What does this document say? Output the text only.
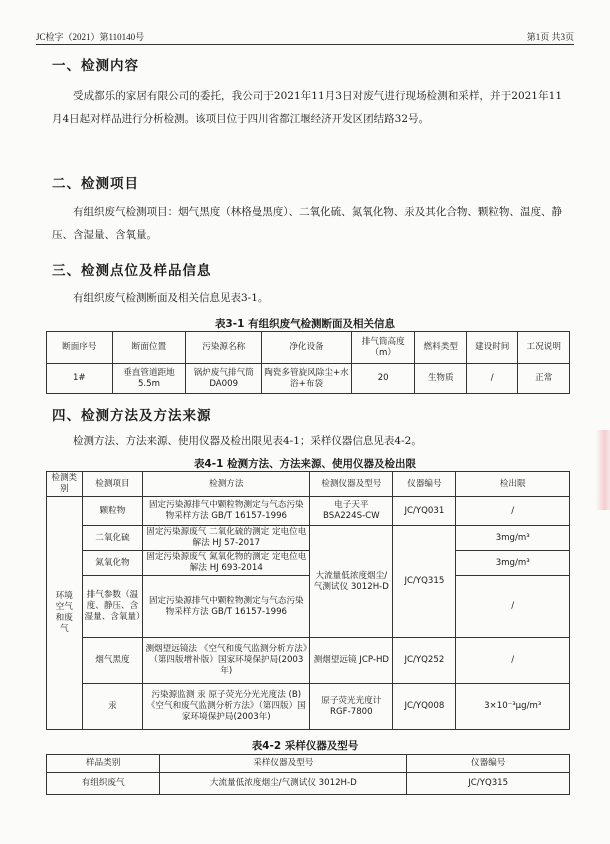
JC检字（2021）第110140号	第1页 共3页
一、检测内容

受成都乐的家居有限公司的委托，我公司于2021年11月3日对废气进行现场检测和采样，并于2021年11月4日起对样品进行分析检测。该项目位于四川省都江堰经济开发区团结路32号。

二、检测项目

有组织废气检测项目：烟气黑度（林格曼黑度）、二氧化硫、氮氧化物、汞及其化合物、颗粒物、温度、静压、含湿量、含氧量。

三、检测点位及样品信息

有组织废气检测断面及相关信息见表3-1。

表3-1 有组织废气检测断面及相关信息
断面序号	断面位置	污染源名称	净化设备	排气筒高度（m）	燃料类型	建设时间	工况说明
1#	垂直管道距地5.5m	锅炉废气排气筒DA009	陶瓷多管旋风除尘+水浴+布袋	20	生物质	/	正常
四、检测方法及方法来源

检测方法、方法来源、使用仪器及检出限见表4-1；采样仪器信息见表4-2。

表4-1 检测方法、方法来源、使用仪器及检出限
检测类别	检测项目	检测方法	检测仪器及型号	仪器编号	检出限
环境空气和废气	颗粒物	固定污染源排气中颗粒物测定与气态污染物采样方法 GB/T 16157-1996	电子天平 BSA224S-CW	JC/YQ031	/
	二氧化硫	固定污染源废气 二氧化硫的测定 定电位电解法 HJ 57-2017	大流量低浓度烟尘/气测试仪 3012H-D	JC/YQ315	3mg/m³
	氮氧化物	固定污染源废气 氮氧化物的测定 定电位电解法 HJ 693-2014			3mg/m³
	排气参数（温度、静压、含湿量、含氧量）	固定污染源排气中颗粒物测定与气态污染物采样方法 GB/T 16157-1996			/
	烟气黑度	测烟望远镜法 《空气和废气监测分析方法》（第四版增补版）国家环境保护局(2003年)	测烟望远镜 JCP-HD	JC/YQ252	/
	汞	污染源监测 汞 原子荧光分光光度法 (B)《空气和废气监测分析方法》（第四版）国家环境保护局(2003年)	原子荧光光度计 RGF-7800	JC/YQ008	3×10⁻³μg/m³
表4-2 采样仪器及型号
样品类别	采样仪器及型号	仪器编号
有组织废气	大流量低浓度烟尘/气测试仪 3012H-D	JC/YQ315
